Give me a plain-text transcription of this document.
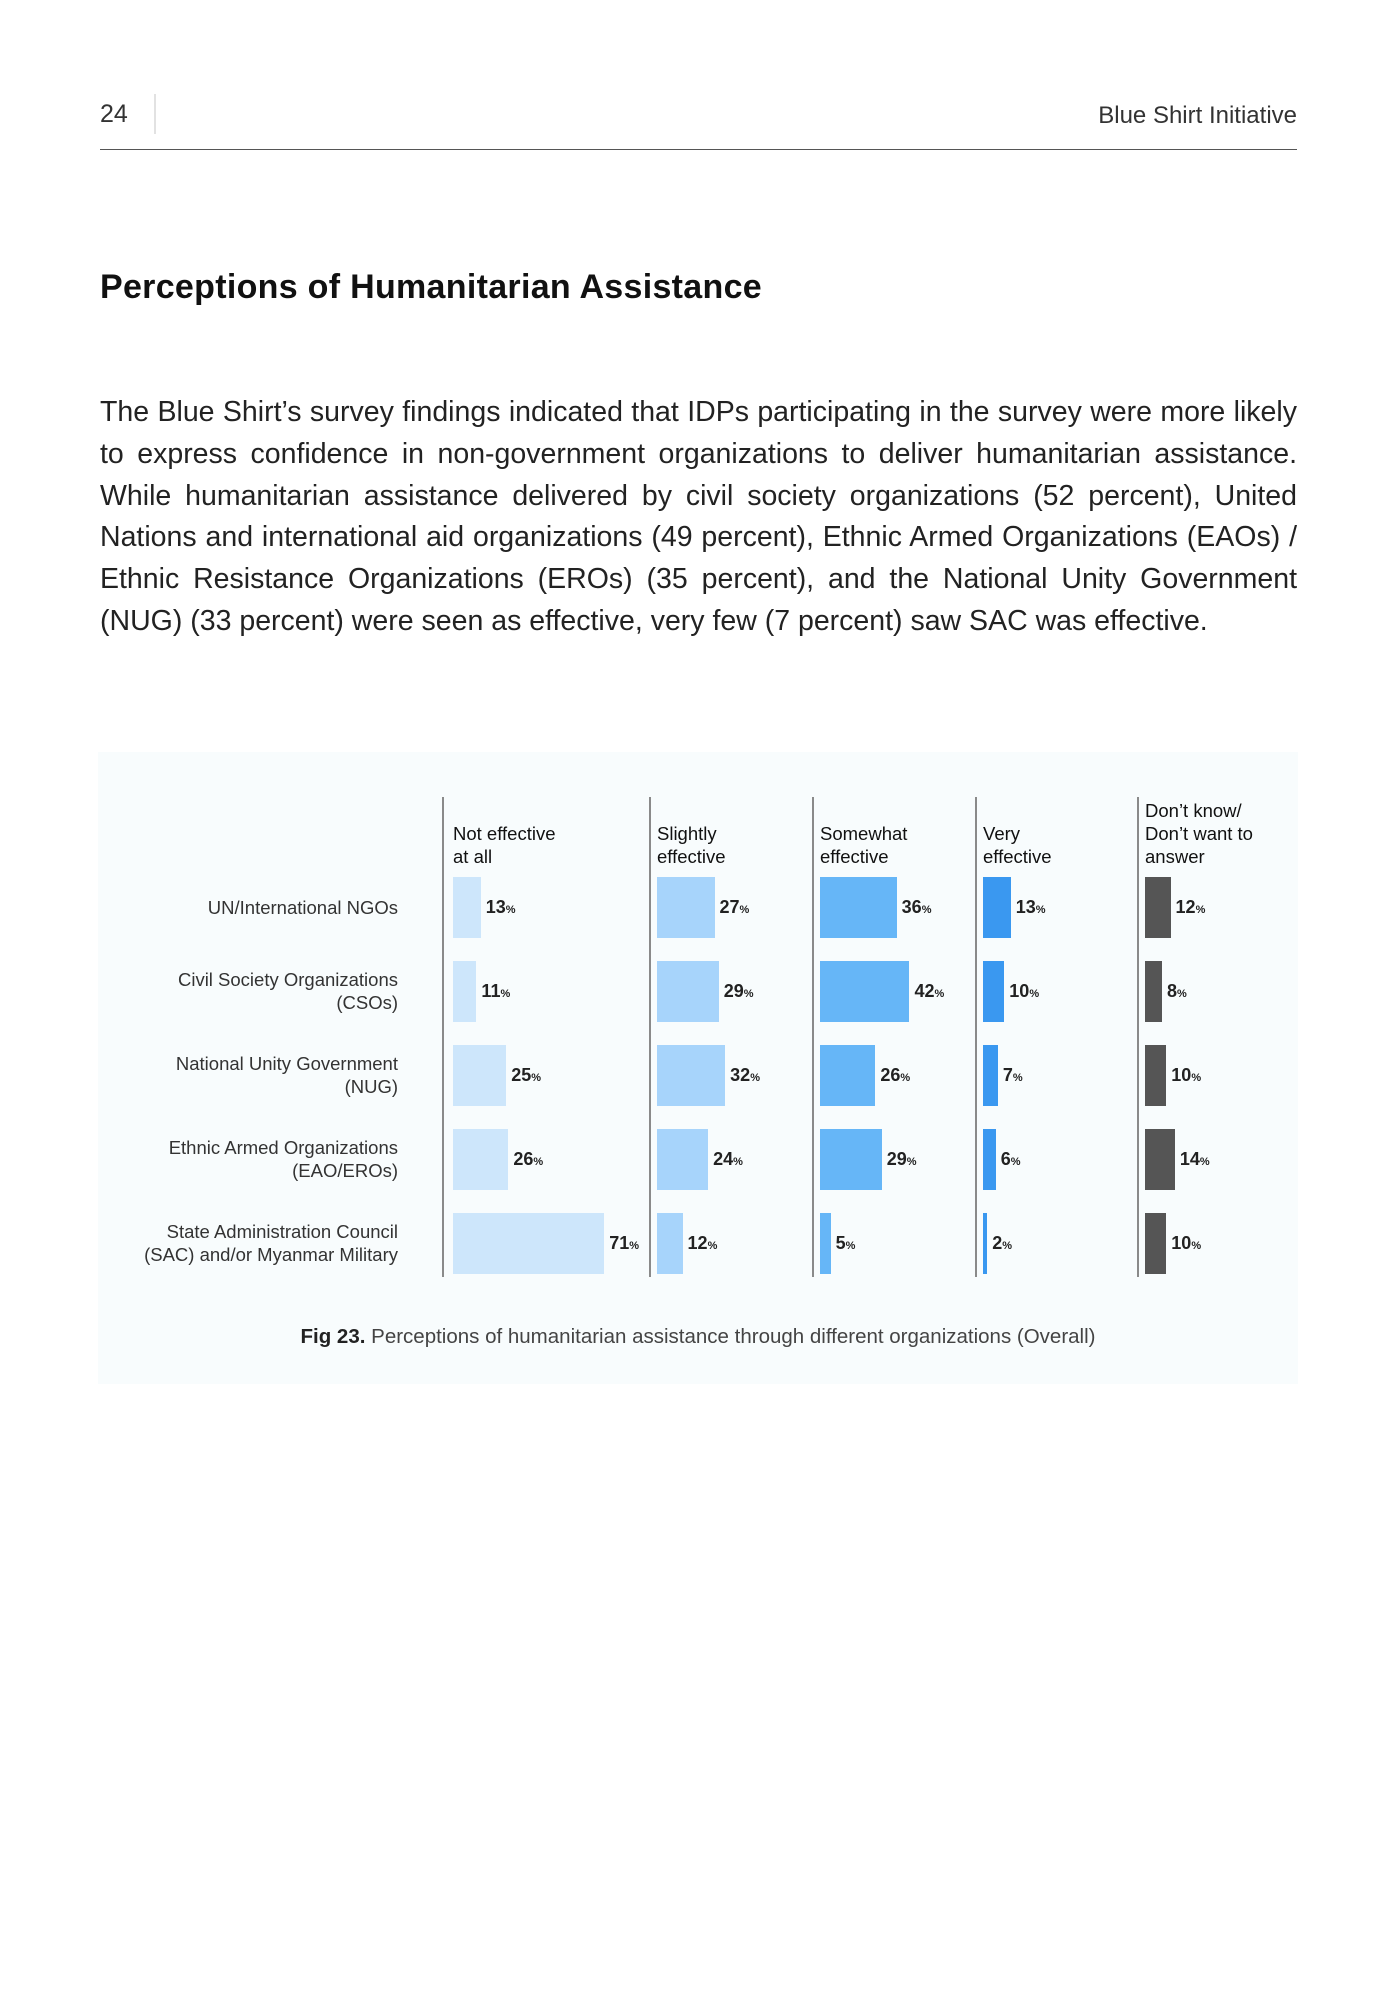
24	Blue Shirt Initiative
Perceptions of Humanitarian Assistance

The Blue Shirt’s survey findings indicated that IDPs participating in the survey were more likely to express confidence in non-government organizations to deliver humanitarian assistance. While humanitarian assistance delivered by civil society organizations (52 percent), United Nations and international aid organizations (49 percent), Ethnic Armed Organizations (EAOs) / Ethnic Resistance Organizations (EROs) (35 percent), and the National Unity Government (NUG) (33 percent) were seen as effective, very few (7 percent) saw SAC was effective.

UN/International NGOs
Civil Society Organizations
(CSOs)
National Unity Government
(NUG)
Ethnic Armed Organizations
(EAO/EROs)
State Administration Council
(SAC) and/or Myanmar Military
Not effective
at all
13%
11%
25%
26%
71%
Slightly
effective
27%
29%
32%
24%
12%
Somewhat
effective
36%
42%
26%
29%
5%
Very
effective
13%
10%
7%
6%
2%
Don’t know/
Don’t want to
answer
12%
8%
10%
14%
10%
Fig 23. Perceptions of humanitarian assistance through different organizations (Overall)
